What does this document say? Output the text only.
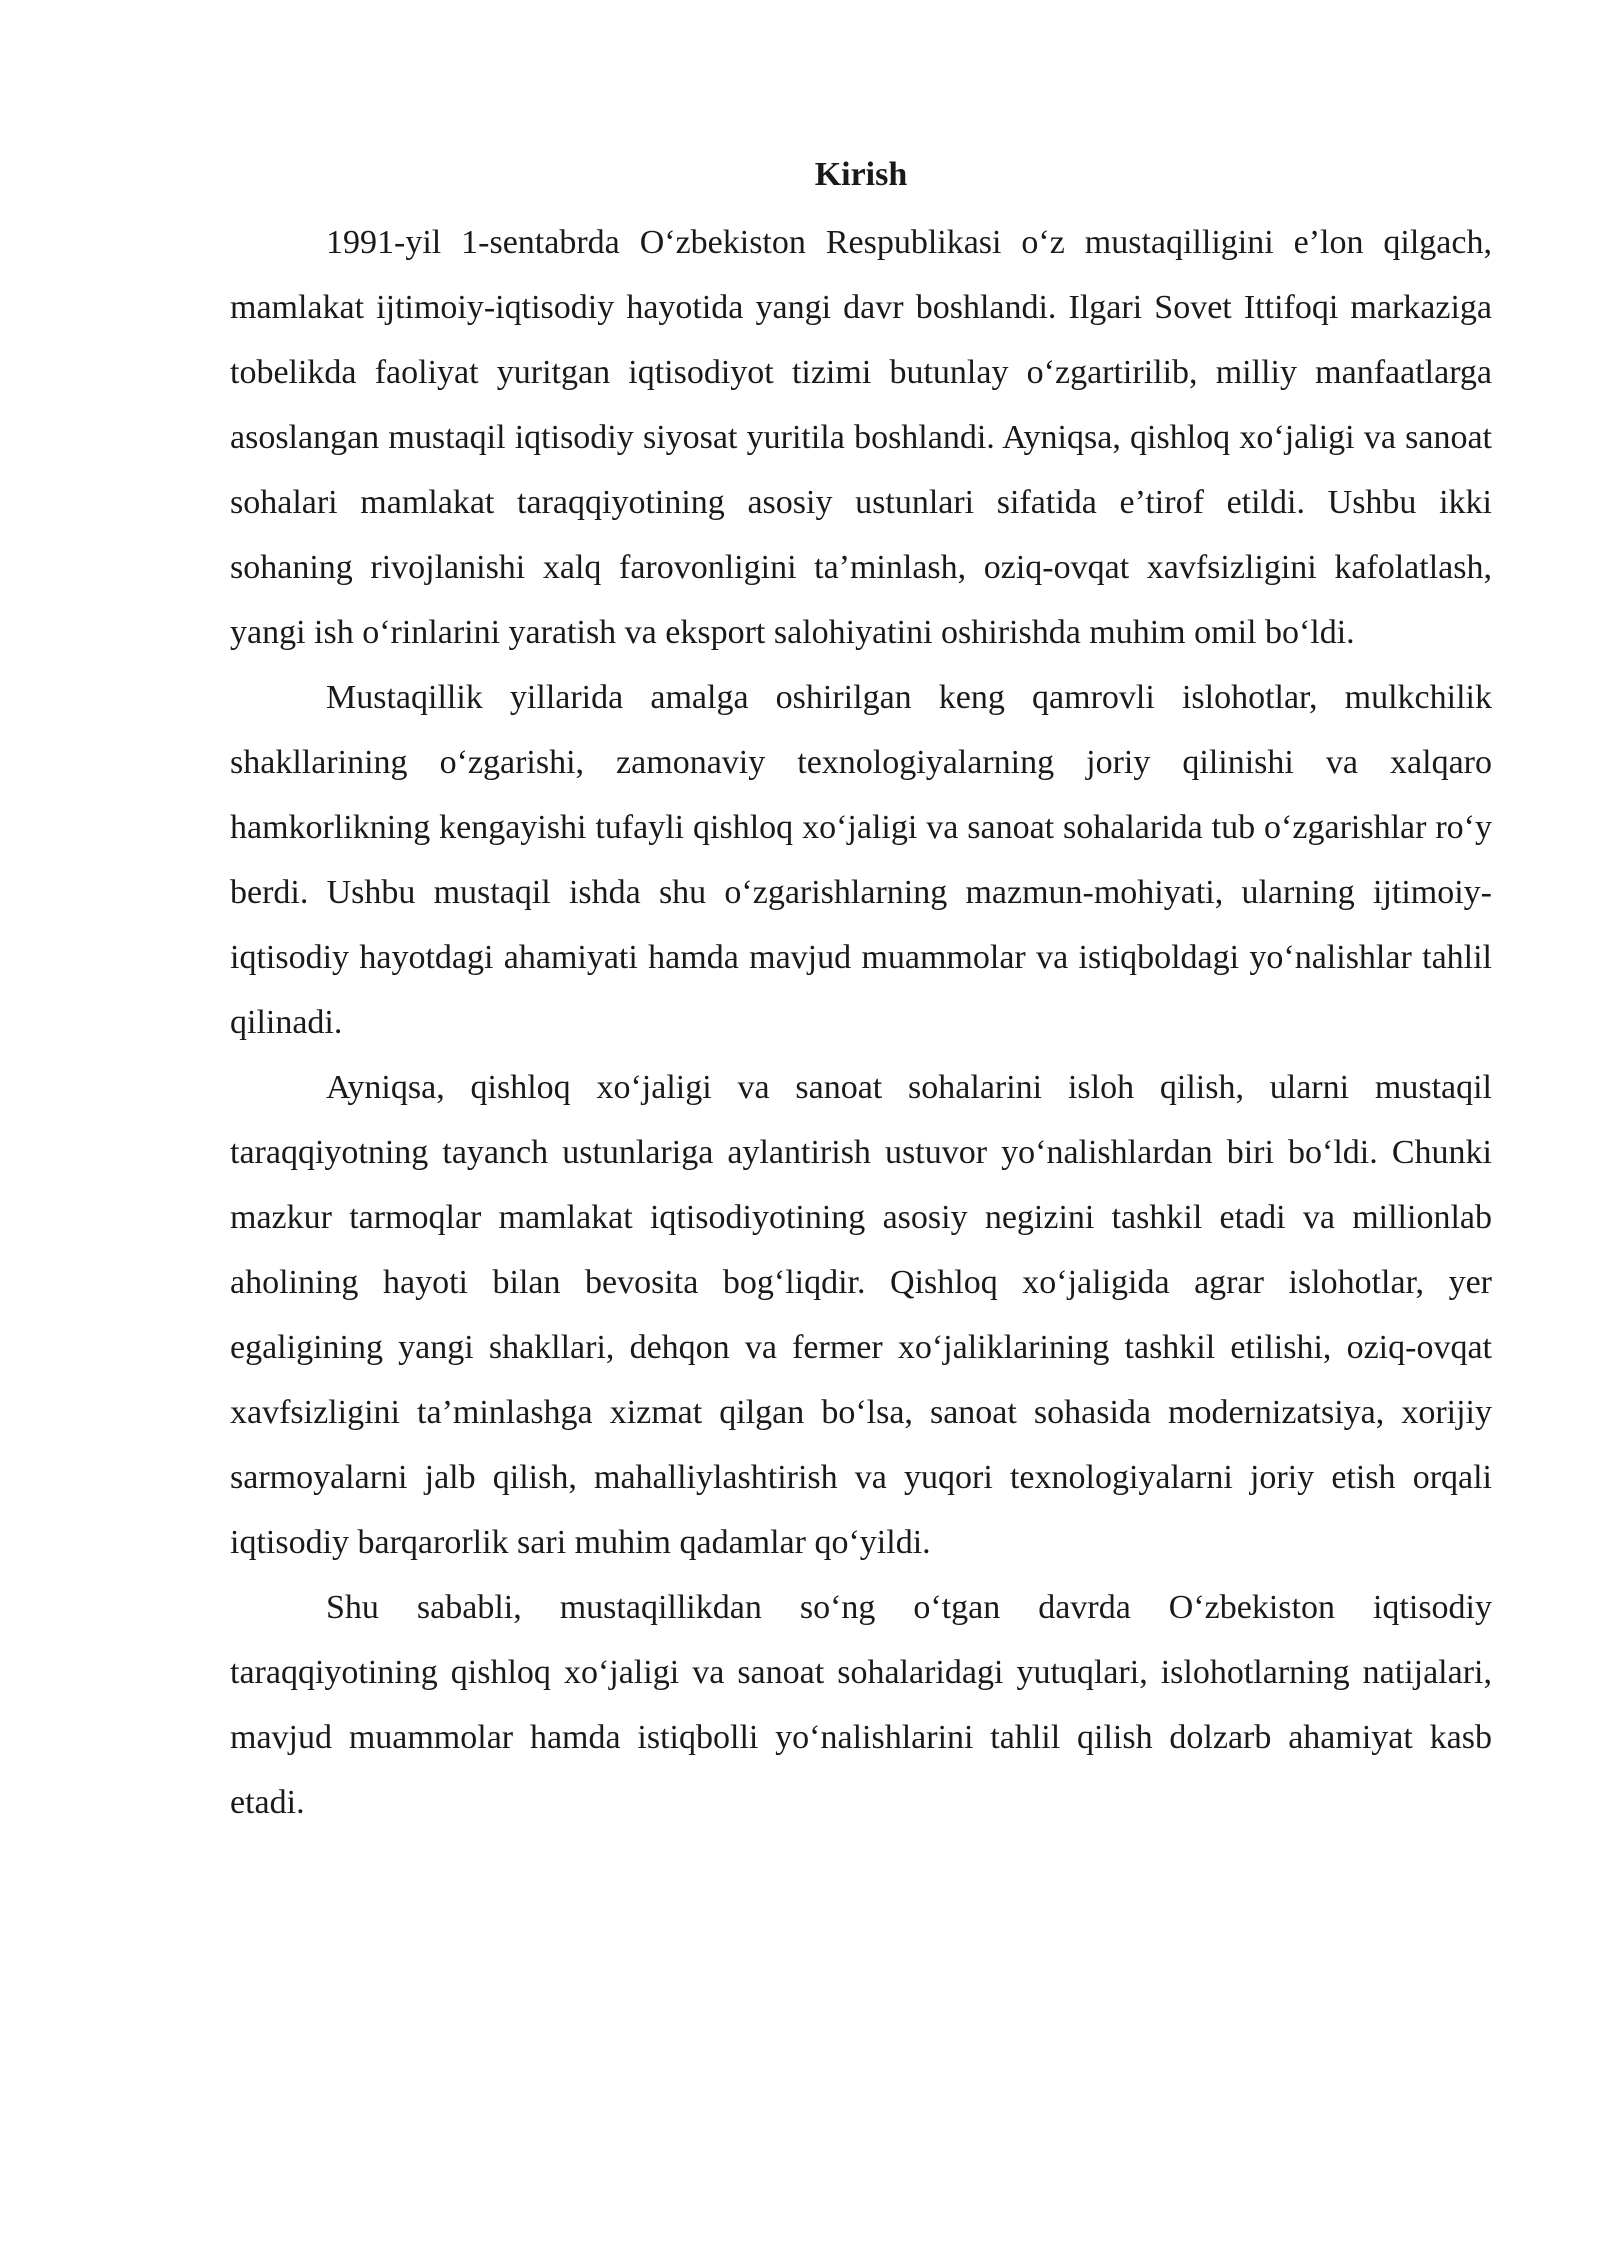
Kirish

1991-yil 1-sentabrda O‘zbekiston Respublikasi o‘z mustaqilligini e’lon qilgach, mamlakat ijtimoiy-iqtisodiy hayotida yangi davr boshlandi. Ilgari Sovet Ittifoqi markaziga tobelikda faoliyat yuritgan iqtisodiyot tizimi butunlay o‘zgartirilib, milliy manfaatlarga asoslangan mustaqil iqtisodiy siyosat yuritila boshlandi. Ayniqsa, qishloq xo‘jaligi va sanoat sohalari mamlakat taraqqiyotining asosiy ustunlari sifatida e’tirof etildi. Ushbu ikki sohaning rivojlanishi xalq farovonligini ta’minlash, oziq-ovqat xavfsizligini kafolatlash, yangi ish o‘rinlarini yaratish va eksport salohiyatini oshirishda muhim omil bo‘ldi.

Mustaqillik yillarida amalga oshirilgan keng qamrovli islohotlar, mulkchilik shakllarining o‘zgarishi, zamonaviy texnologiyalarning joriy qilinishi va xalqaro hamkorlikning kengayishi tufayli qishloq xo‘jaligi va sanoat sohalarida tub o‘zgarishlar ro‘y berdi. Ushbu mustaqil ishda shu o‘zgarishlarning mazmun-mohiyati, ularning ijtimoiy-iqtisodiy hayotdagi ahamiyati hamda mavjud muammolar va istiqboldagi yo‘nalishlar tahlil qilinadi.

Ayniqsa, qishloq xo‘jaligi va sanoat sohalarini isloh qilish, ularni mustaqil taraqqiyotning tayanch ustunlariga aylantirish ustuvor yo‘nalishlardan biri bo‘ldi. Chunki mazkur tarmoqlar mamlakat iqtisodiyotining asosiy negizini tashkil etadi va millionlab aholining hayoti bilan bevosita bog‘liqdir. Qishloq xo‘jaligida agrar islohotlar, yer egaligining yangi shakllari, dehqon va fermer xo‘jaliklarining tashkil etilishi, oziq-ovqat xavfsizligini ta’minlashga xizmat qilgan bo‘lsa, sanoat sohasida modernizatsiya, xorijiy sarmoyalarni jalb qilish, mahalliylashtirish va yuqori texnologiyalarni joriy etish orqali iqtisodiy barqarorlik sari muhim qadamlar qo‘yildi.

Shu sababli, mustaqillikdan so‘ng o‘tgan davrda O‘zbekiston iqtisodiy taraqqiyotining qishloq xo‘jaligi va sanoat sohalaridagi yutuqlari, islohotlarning natijalari, mavjud muammolar hamda istiqbolli yo‘nalishlarini tahlil qilish dolzarb ahamiyat kasb etadi.
